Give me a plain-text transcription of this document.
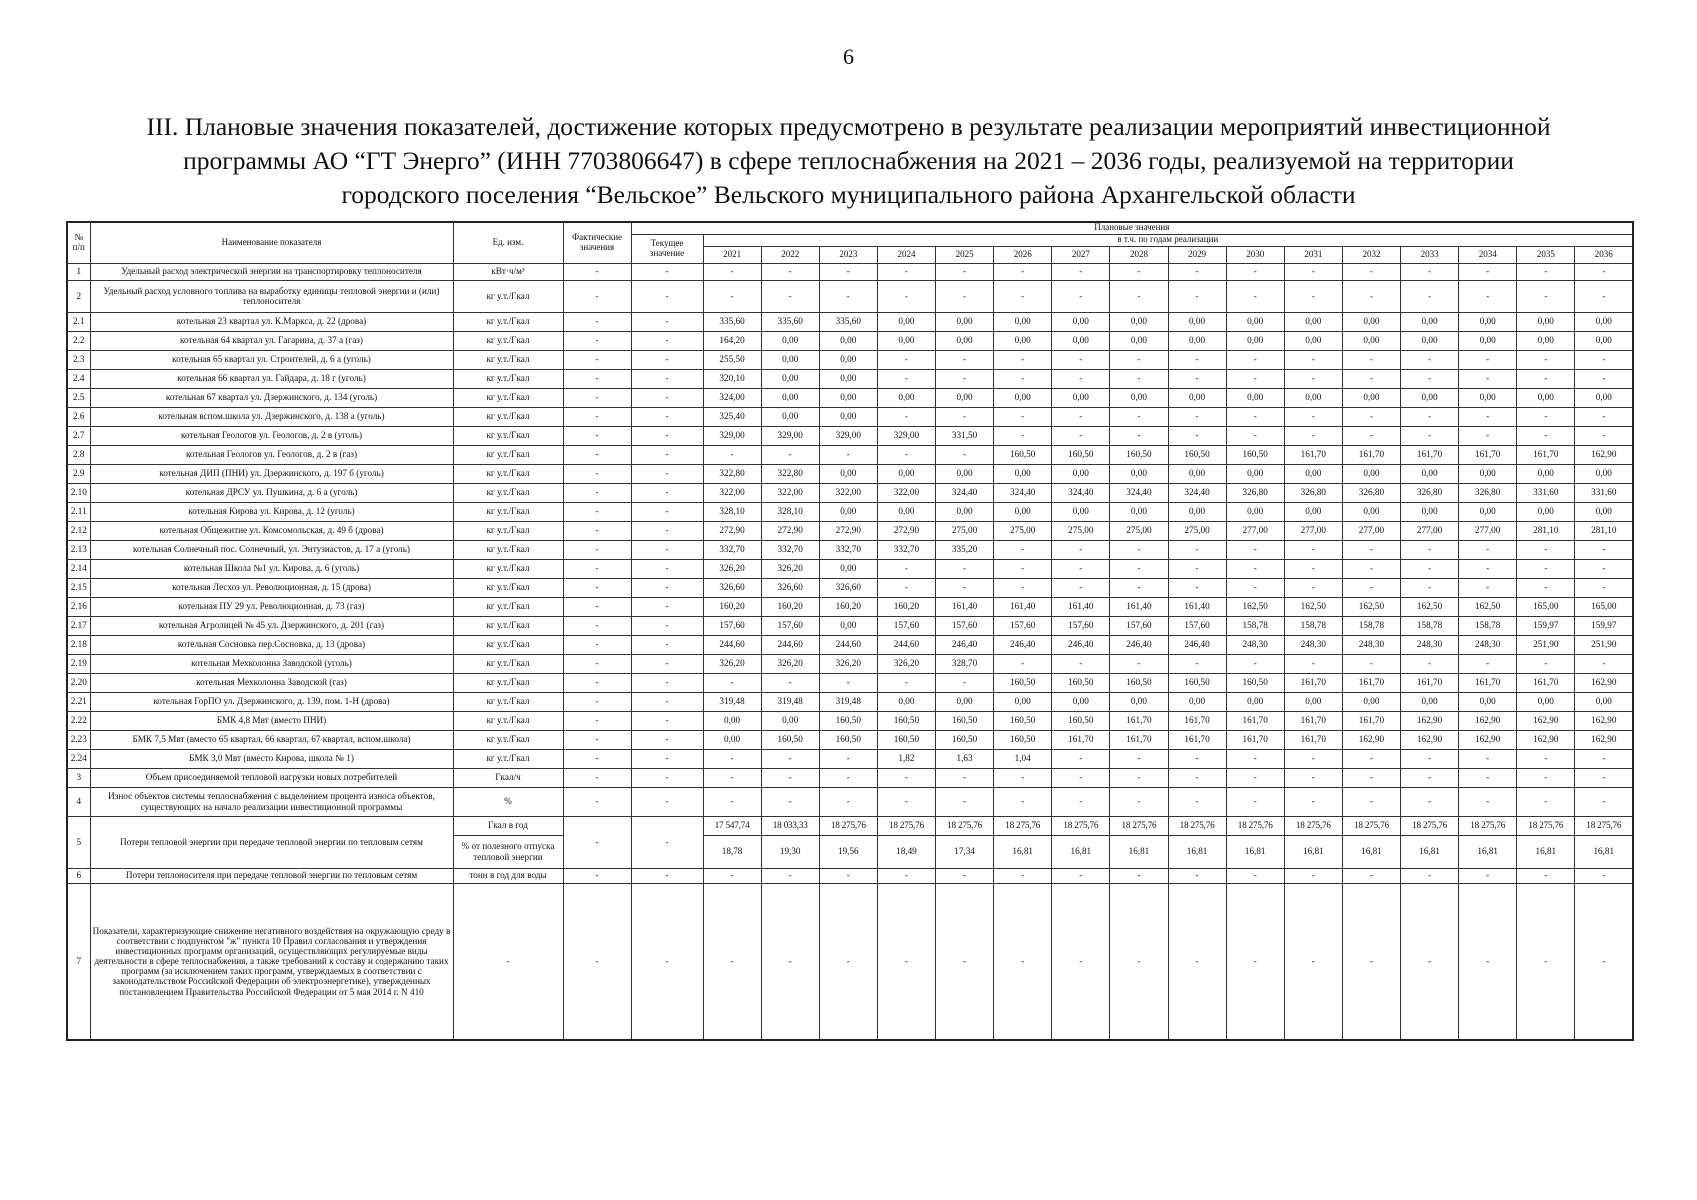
6
III. Плановые значения показателей, достижение которых предусмотрено в результате реализации мероприятий инвестиционной
программы АО “ГТ Энерго” (ИНН 7703806647) в сфере теплоснабжения на 2021 – 2036 годы, реализуемой на территории
городского поселения “Вельское” Вельского муниципального района Архангельской области
№ п/п	Наименование показателя	Ед. изм.	Фактические значения	Плановые значения																
				Текущее значение	в т.ч. по годам реализации															
					2021	2022	2023	2024	2025	2026	2027	2028	2029	2030	2031	2032	2033	2034	2035	2036
1	Удельный расход электрической энергии на транспортировку теплоносителя	кВт·ч/м³	-	-	-	-	-	-	-	-	-	-	-	-	-	-	-	-	-	-
2	Удельный расход условного топлива на выработку единицы тепловой энергии и (или) теплоносителя	кг у.т./Гкал	-	-	-	-	-	-	-	-	-	-	-	-	-	-	-	-	-	-
2.1	котельная 23 квартал ул. К.Маркса, д. 22 (дрова)	кг у.т./Гкал	-	-	335,60	335,60	335,60	0,00	0,00	0,00	0,00	0,00	0,00	0,00	0,00	0,00	0,00	0,00	0,00	0,00
2.2	котельная 64 квартал ул. Гагарина, д. 37 а (газ)	кг у.т./Гкал	-	-	164,20	0,00	0,00	0,00	0,00	0,00	0,00	0,00	0,00	0,00	0,00	0,00	0,00	0,00	0,00	0,00
2.3	котельная 65 квартал ул. Строителей, д. 6 а (уголь)	кг у.т./Гкал	-	-	255,50	0,00	0,00	-	-	-	-	-	-	-	-	-	-	-	-	-
2.4	котельная 66 квартал ул. Гайдара, д. 18 г (уголь)	кг у.т./Гкал	-	-	320,10	0,00	0,00	-	-	-	-	-	-	-	-	-	-	-	-	-
2.5	котельная 67 квартал ул. Дзержинского, д. 134 (уголь)	кг у.т./Гкал	-	-	324,00	0,00	0,00	0,00	0,00	0,00	0,00	0,00	0,00	0,00	0,00	0,00	0,00	0,00	0,00	0,00
2.6	котельная вспом.школа ул. Дзержинского, д. 138 а (уголь)	кг у.т./Гкал	-	-	325,40	0,00	0,00	-	-	-	-	-	-	-	-	-	-	-	-	-
2.7	котельная Геологов ул. Геологов, д. 2 в (уголь)	кг у.т./Гкал	-	-	329,00	329,00	329,00	329,00	331,50	-	-	-	-	-	-	-	-	-	-	-
2.8	котельная Геологов ул. Геологов, д. 2 в (газ)	кг у.т./Гкал	-	-	-	-	-	-	-	160,50	160,50	160,50	160,50	160,50	161,70	161,70	161,70	161,70	161,70	162,90
2.9	котельная ДИП (ПНИ) ул. Дзержинского, д. 197 б (уголь)	кг у.т./Гкал	-	-	322,80	322,80	0,00	0,00	0,00	0,00	0,00	0,00	0,00	0,00	0,00	0,00	0,00	0,00	0,00	0,00
2.10	котельная ДРСУ ул. Пушкина, д. 6 а (уголь)	кг у.т./Гкал	-	-	322,00	322,00	322,00	322,00	324,40	324,40	324,40	324,40	324,40	326,80	326,80	326,80	326,80	326,80	331,60	331,60
2.11	котельная Кирова ул. Кирова, д. 12 (уголь)	кг у.т./Гкал	-	-	328,10	328,10	0,00	0,00	0,00	0,00	0,00	0,00	0,00	0,00	0,00	0,00	0,00	0,00	0,00	0,00
2.12	котельная Общежитие ул. Комсомольская, д. 49 б (дрова)	кг у.т./Гкал	-	-	272,90	272,90	272,90	272,90	275,00	275,00	275,00	275,00	275,00	277,00	277,00	277,00	277,00	277,00	281,10	281,10
2.13	котельная Солнечный пос. Солнечный, ул. Энтузиастов, д. 17 а (уголь)	кг у.т./Гкал	-	-	332,70	332,70	332,70	332,70	335,20	-	-	-	-	-	-	-	-	-	-	-
2.14	котельная Школа №1 ул. Кирова, д. 6 (уголь)	кг у.т./Гкал	-	-	326,20	326,20	0,00	-	-	-	-	-	-	-	-	-	-	-	-	-
2.15	котельная Лесхоз ул. Революционная, д. 15 (дрова)	кг у.т./Гкал	-	-	326,60	326,60	326,60	-	-	-	-	-	-	-	-	-	-	-	-	-
2.16	котельная ПУ 29 ул. Революционная, д. 73 (газ)	кг у.т./Гкал	-	-	160,20	160,20	160,20	160,20	161,40	161,40	161,40	161,40	161,40	162,50	162,50	162,50	162,50	162,50	165,00	165,00
2.17	котельная Агролицей № 45 ул. Дзержинского, д. 201 (газ)	кг у.т./Гкал	-	-	157,60	157,60	0,00	157,60	157,60	157,60	157,60	157,60	157,60	158,78	158,78	158,78	158,78	158,78	159,97	159,97
2.18	котельная Сосновка пер.Сосновка, д. 13 (дрова)	кг у.т./Гкал	-	-	244,60	244,60	244,60	244,60	246,40	246,40	246,40	246,40	246,40	248,30	248,30	248,30	248,30	248,30	251,90	251,90
2.19	котельная Мехколонна Заводской (уголь)	кг у.т./Гкал	-	-	326,20	326,20	326,20	326,20	328,70	-	-	-	-	-	-	-	-	-	-	-
2.20	котельная Мехколонна Заводской (газ)	кг у.т./Гкал	-	-	-	-	-	-	-	160,50	160,50	160,50	160,50	160,50	161,70	161,70	161,70	161,70	161,70	162,90
2.21	котельная ГорПО ул. Дзержинского, д. 139, пом. 1-Н (дрова)	кг у.т./Гкал	-	-	319,48	319,48	319,48	0,00	0,00	0,00	0,00	0,00	0,00	0,00	0,00	0,00	0,00	0,00	0,00	0,00
2.22	БМК 4,8 Мвт (вместо ПНИ)	кг у.т./Гкал	-	-	0,00	0,00	160,50	160,50	160,50	160,50	160,50	161,70	161,70	161,70	161,70	161,70	162,90	162,90	162,90	162,90
2.23	БМК 7,5 Мвт (вместо 65 квартал, 66 квартал, 67 квартал, вспом.школа)	кг у.т./Гкал	-	-	0,00	160,50	160,50	160,50	160,50	160,50	161,70	161,70	161,70	161,70	161,70	162,90	162,90	162,90	162,90	162,90
2.24	БМК 3,0 Мвт (вместо Кирова, школа № 1)	кг у.т./Гкал	-	-	-	-	-	1,82	1,63	1,04	-	-	-	-	-	-	-	-	-	-
3	Объем присоединяемой тепловой нагрузки новых потребителей	Гкал/ч	-	-	-	-	-	-	-	-	-	-	-	-	-	-	-	-	-	-
4	Износ объектов системы теплоснабжения с выделением процента износа объектов, существующих на начало реализации инвестиционной программы	%	-	-	-	-	-	-	-	-	-	-	-	-	-	-	-	-	-	-
5	Потери тепловой энергии при передаче тепловой энергии по тепловым сетям	Гкал в год	-	-	17 547,74	18 033,33	18 275,76	18 275,76	18 275,76	18 275,76	18 275,76	18 275,76	18 275,76	18 275,76	18 275,76	18 275,76	18 275,76	18 275,76	18 275,76	18 275,76
		% от полезного отпуска тепловой энергии			18,78	19,30	19,56	18,49	17,34	16,81	16,81	16,81	16,81	16,81	16,81	16,81	16,81	16,81	16,81	16,81
6	Потери теплоносителя при передаче тепловой энергии по тепловым сетям	тонн в год для воды	-	-	-	-	-	-	-	-	-	-	-	-	-	-	-	-	-	-
7	Показатели, характеризующие снижение негативного воздействия на окружающую среду в соответствии с подпунктом "ж" пункта 10 Правил согласования и утверждения инвестиционных программ организаций, осуществляющих регулируемые виды деятельности в сфере теплоснабжения, а также требований к составу и содержанию таких программ (за исключением таких программ, утверждаемых в соответствии с законодательством Российской Федерации об электроэнергетике), утвержденных постановлением Правительства Российской Федерации от 5 мая 2014 г. N 410	-	-	-	-	-	-	-	-	-	-	-	-	-	-	-	-	-	-	-
